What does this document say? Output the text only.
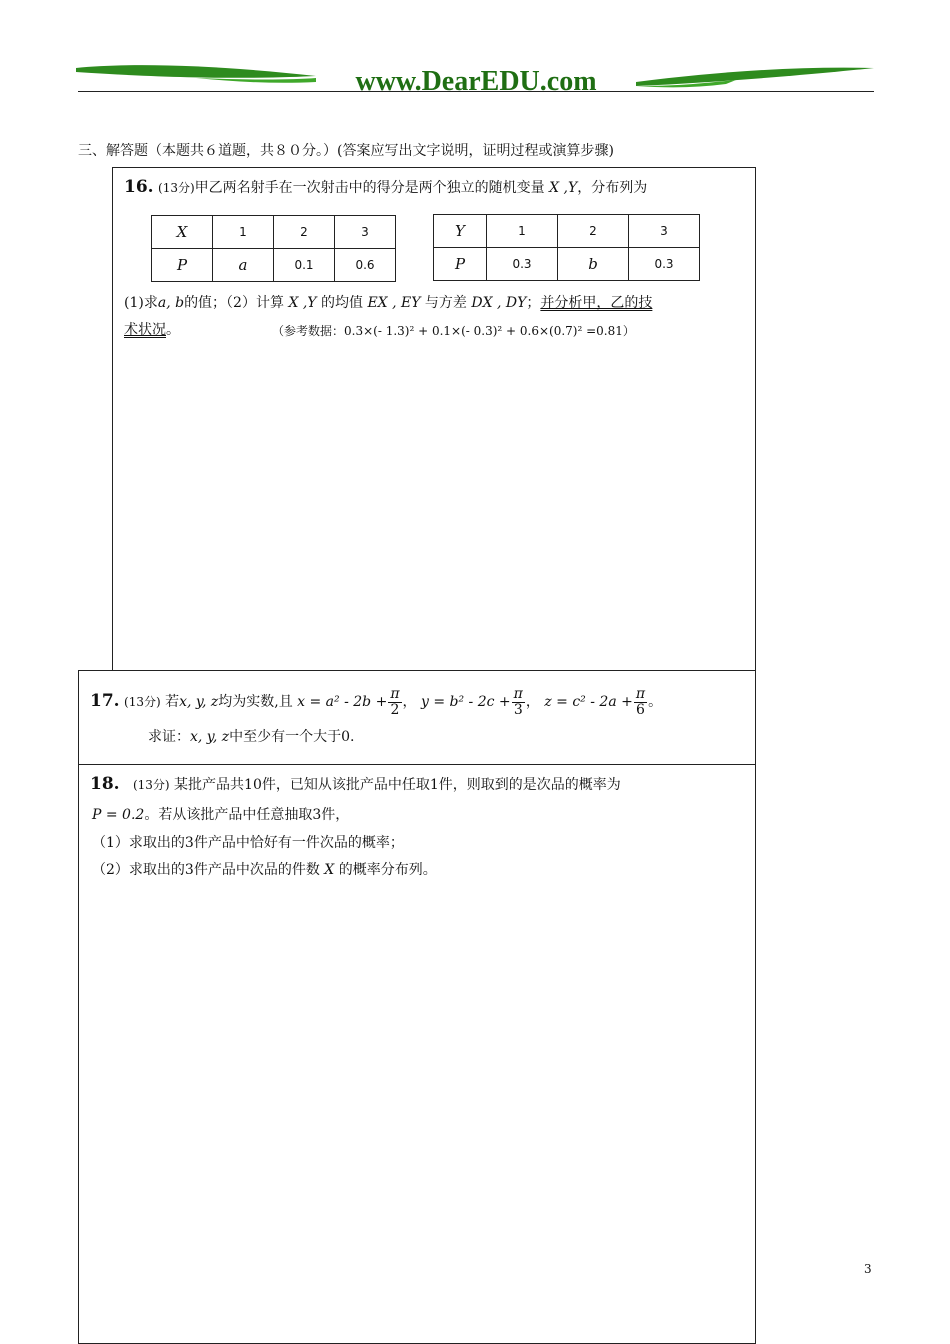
www.DearEDU.com
三、解答题（本题共６道题，共８０分。）(答案应写出文字说明，证明过程或演算步骤)
16. (13分)甲乙两名射手在一次射击中的得分是两个独立的随机变量 X ,Y，分布列为
X	1	2	3
P	a	0.1	0.6
Y	1	2	3
P	0.3	b	0.3
(1)求a, b的值；（2）计算 X ,Y 的均值 EX , EY 与方差 DX , DY；并分析甲，乙的技
术状况。	（参考数据：0.3×(- 1.3)² + 0.1×(- 0.3)² + 0.6×(0.7)² =0.81）
17. (13分) 若x, y, z均为实数,且 $x = a^2 - 2b + \frac{\pi}{2}$ ， $y = b^2 - 2c + \frac{\pi}{3}$ ， $z = c^2 - 2a + \frac{\pi}{6}$ 。
求证：x, y, z中至少有一个大于0.
18. (13分) 某批产品共10件，已知从该批产品中任取1件，则取到的是次品的概率为
P = 0.2。若从该批产品中任意抽取3件，
（1）求取出的3件产品中恰好有一件次品的概率；
（2）求取出的3件产品中次品的件数 X 的概率分布列。
3
